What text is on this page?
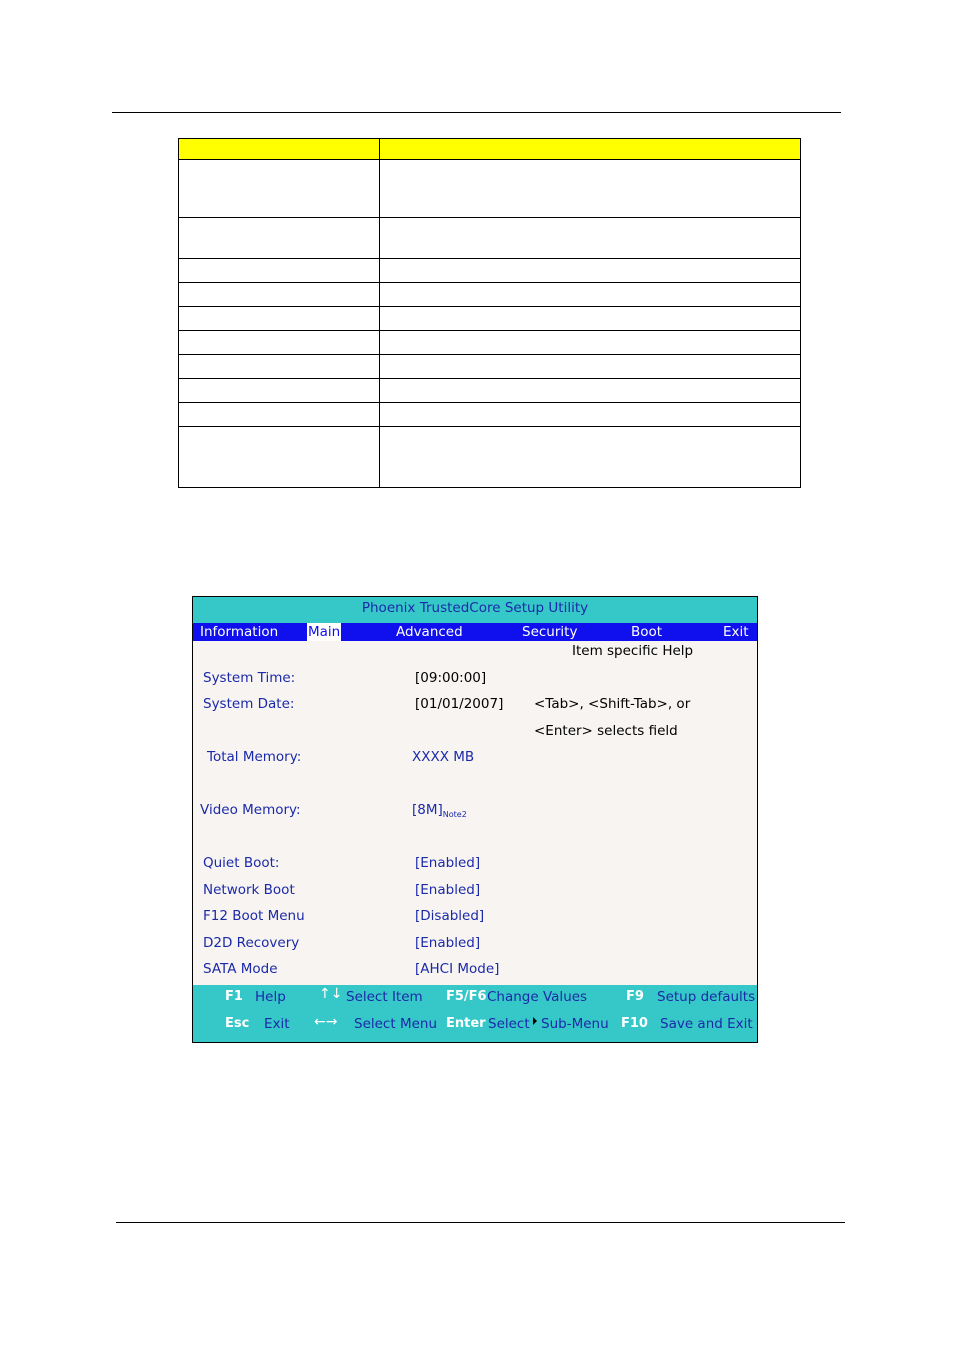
Phoenix TrustedCore Setup Utility
Information Main	Advanced	Security	Boot	Exit
Item specific Help
<Tab>, <Shift-Tab>, or
<Enter> selects field
System Time:	[09:00:00]
System Date:	[01/01/2007]
Total Memory:	XXXX MB
Video Memory:	$[8M]_{Note2}$
Quiet Boot:	[Enabled]
Network Boot	[Enabled]
F12 Boot Menu	[Disabled]
D2D Recovery	[Enabled]
SATA Mode	[AHCI Mode]
F1 Help ↑↓ Select Item F5/F6 Change Values	F9 Setup defaults
Esc Exit ←→ Select Menu Enter Select Sub-Menu F10 Save and Exit
